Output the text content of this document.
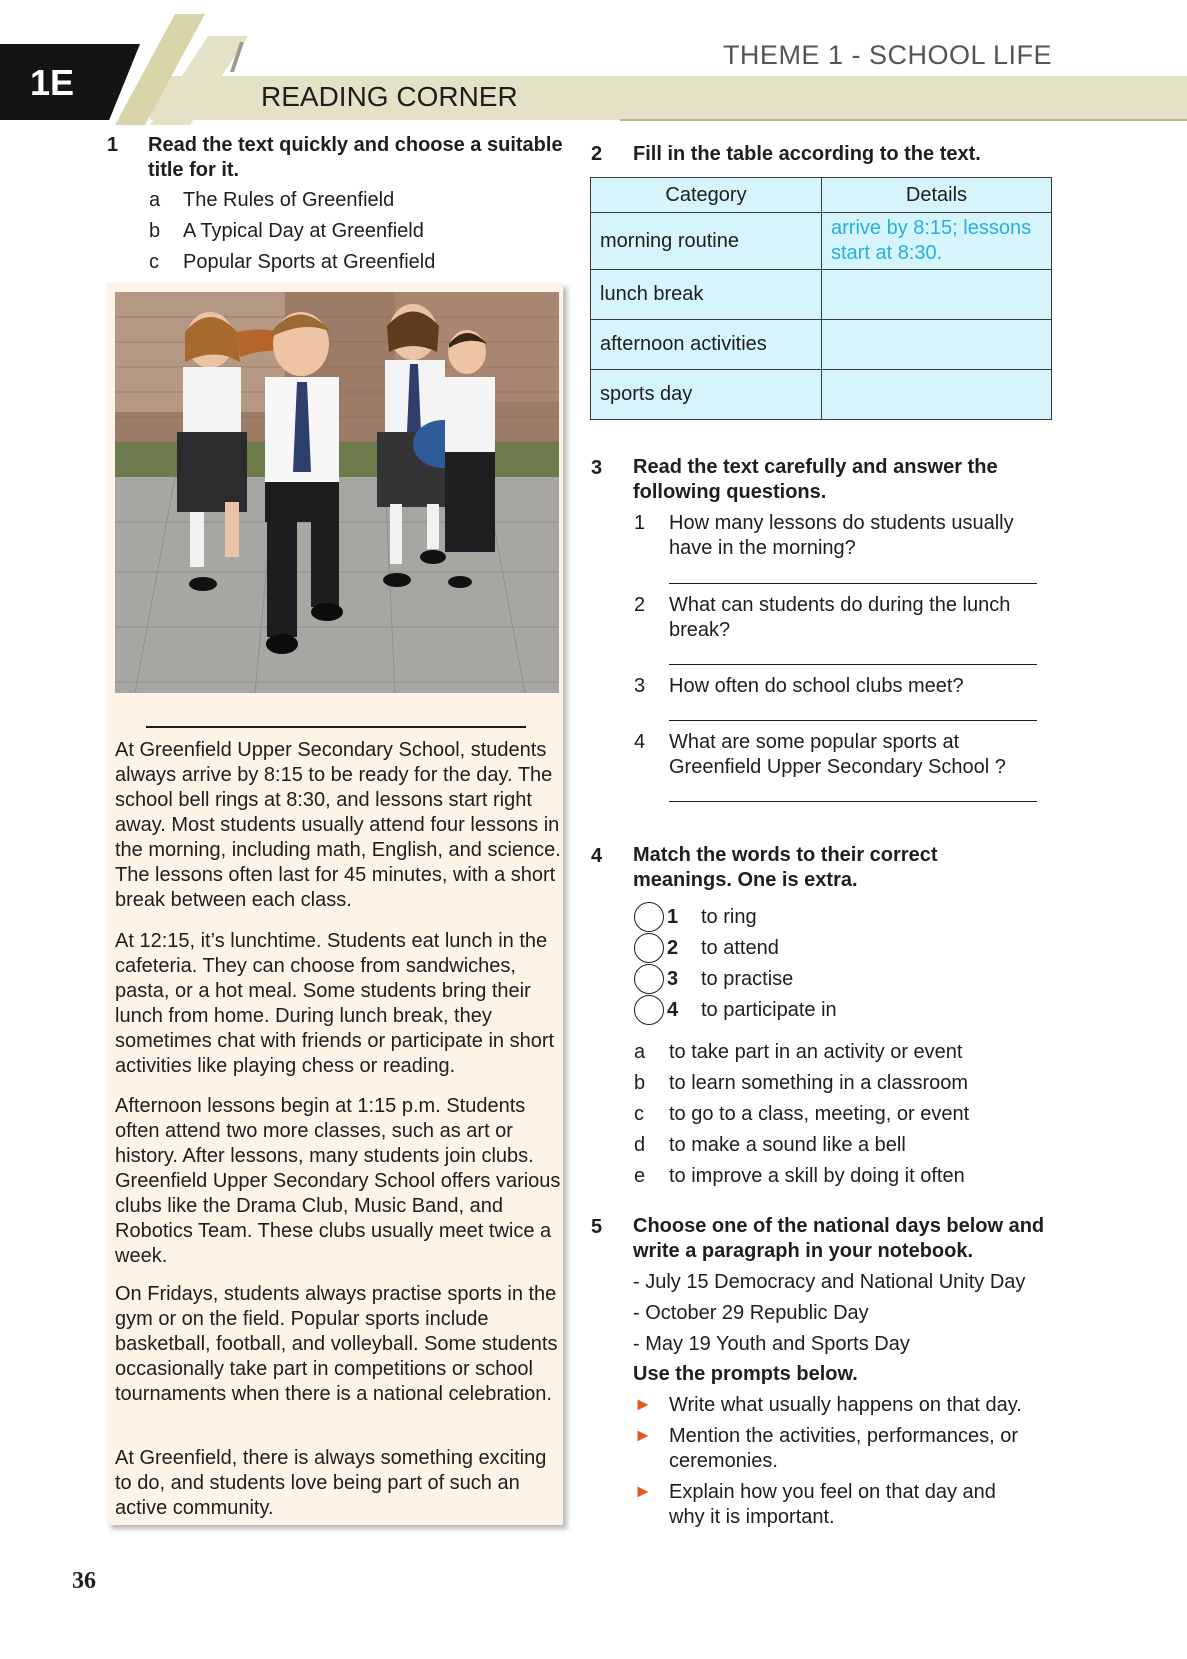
1E
THEME 1 - SCHOOL LIFE
READING CORNER
1 Read the text quickly and choose a suitable
title for it.
a The Rules of Greenfield
b A Typical Day at Greenfield
c Popular Sports at Greenfield

At Greenfield Upper Secondary School, students always arrive by 8:15 to be ready for the day. The school bell rings at 8:30, and lessons start right away. Most students usually attend four lessons in the morning, including math, English, and science. The lessons often last for 45 minutes, with a short break between each class.

At 12:15, it’s lunchtime. Students eat lunch in the cafeteria. They can choose from sandwiches, pasta, or a hot meal. Some students bring their lunch from home. During lunch break, they sometimes chat with friends or participate in short activities like playing chess or reading.

Afternoon lessons begin at 1:15 p.m. Students often attend two more classes, such as art or history. After lessons, many students join clubs. Greenfield Upper Secondary School offers various clubs like the Drama Club, Music Band, and Robotics Team. These clubs usually meet twice a week.

On Fridays, students always practise sports in the gym or on the field. Popular sports include basketball, football, and volleyball. Some students occasionally take part in competitions or school tournaments when there is a national celebration.

At Greenfield, there is always something exciting to do, and students love being part of such an active community.

2 Fill in the table according to the text.
Category	Details
morning routine	arrive by 8:15; lessons start at 8:30.
lunch break	
afternoon activities	
sports day	
3 Read the text carefully and answer the
following questions.
1 How many lessons do students usually
have in the morning?
2 What can students do during the lunch
break?
3 How often do school clubs meet?
4 What are some popular sports at
Greenfield Upper Secondary School ?
4 Match the words to their correct
meanings. One is extra.
1 to ring
2 to attend
3 to practise
4 to participate in
a to take part in an activity or event
b to learn something in a classroom
c to go to a class, meeting, or event
d to make a sound like a bell
e to improve a skill by doing it often
5 Choose one of the national days below and
write a paragraph in your notebook.
- July 15 Democracy and National Unity Day
- October 29 Republic Day
- May 19 Youth and Sports Day
Use the prompts below.
► Write what usually happens on that day.
► Mention the activities, performances, or
ceremonies.
► Explain how you feel on that day and
why it is important.
36
